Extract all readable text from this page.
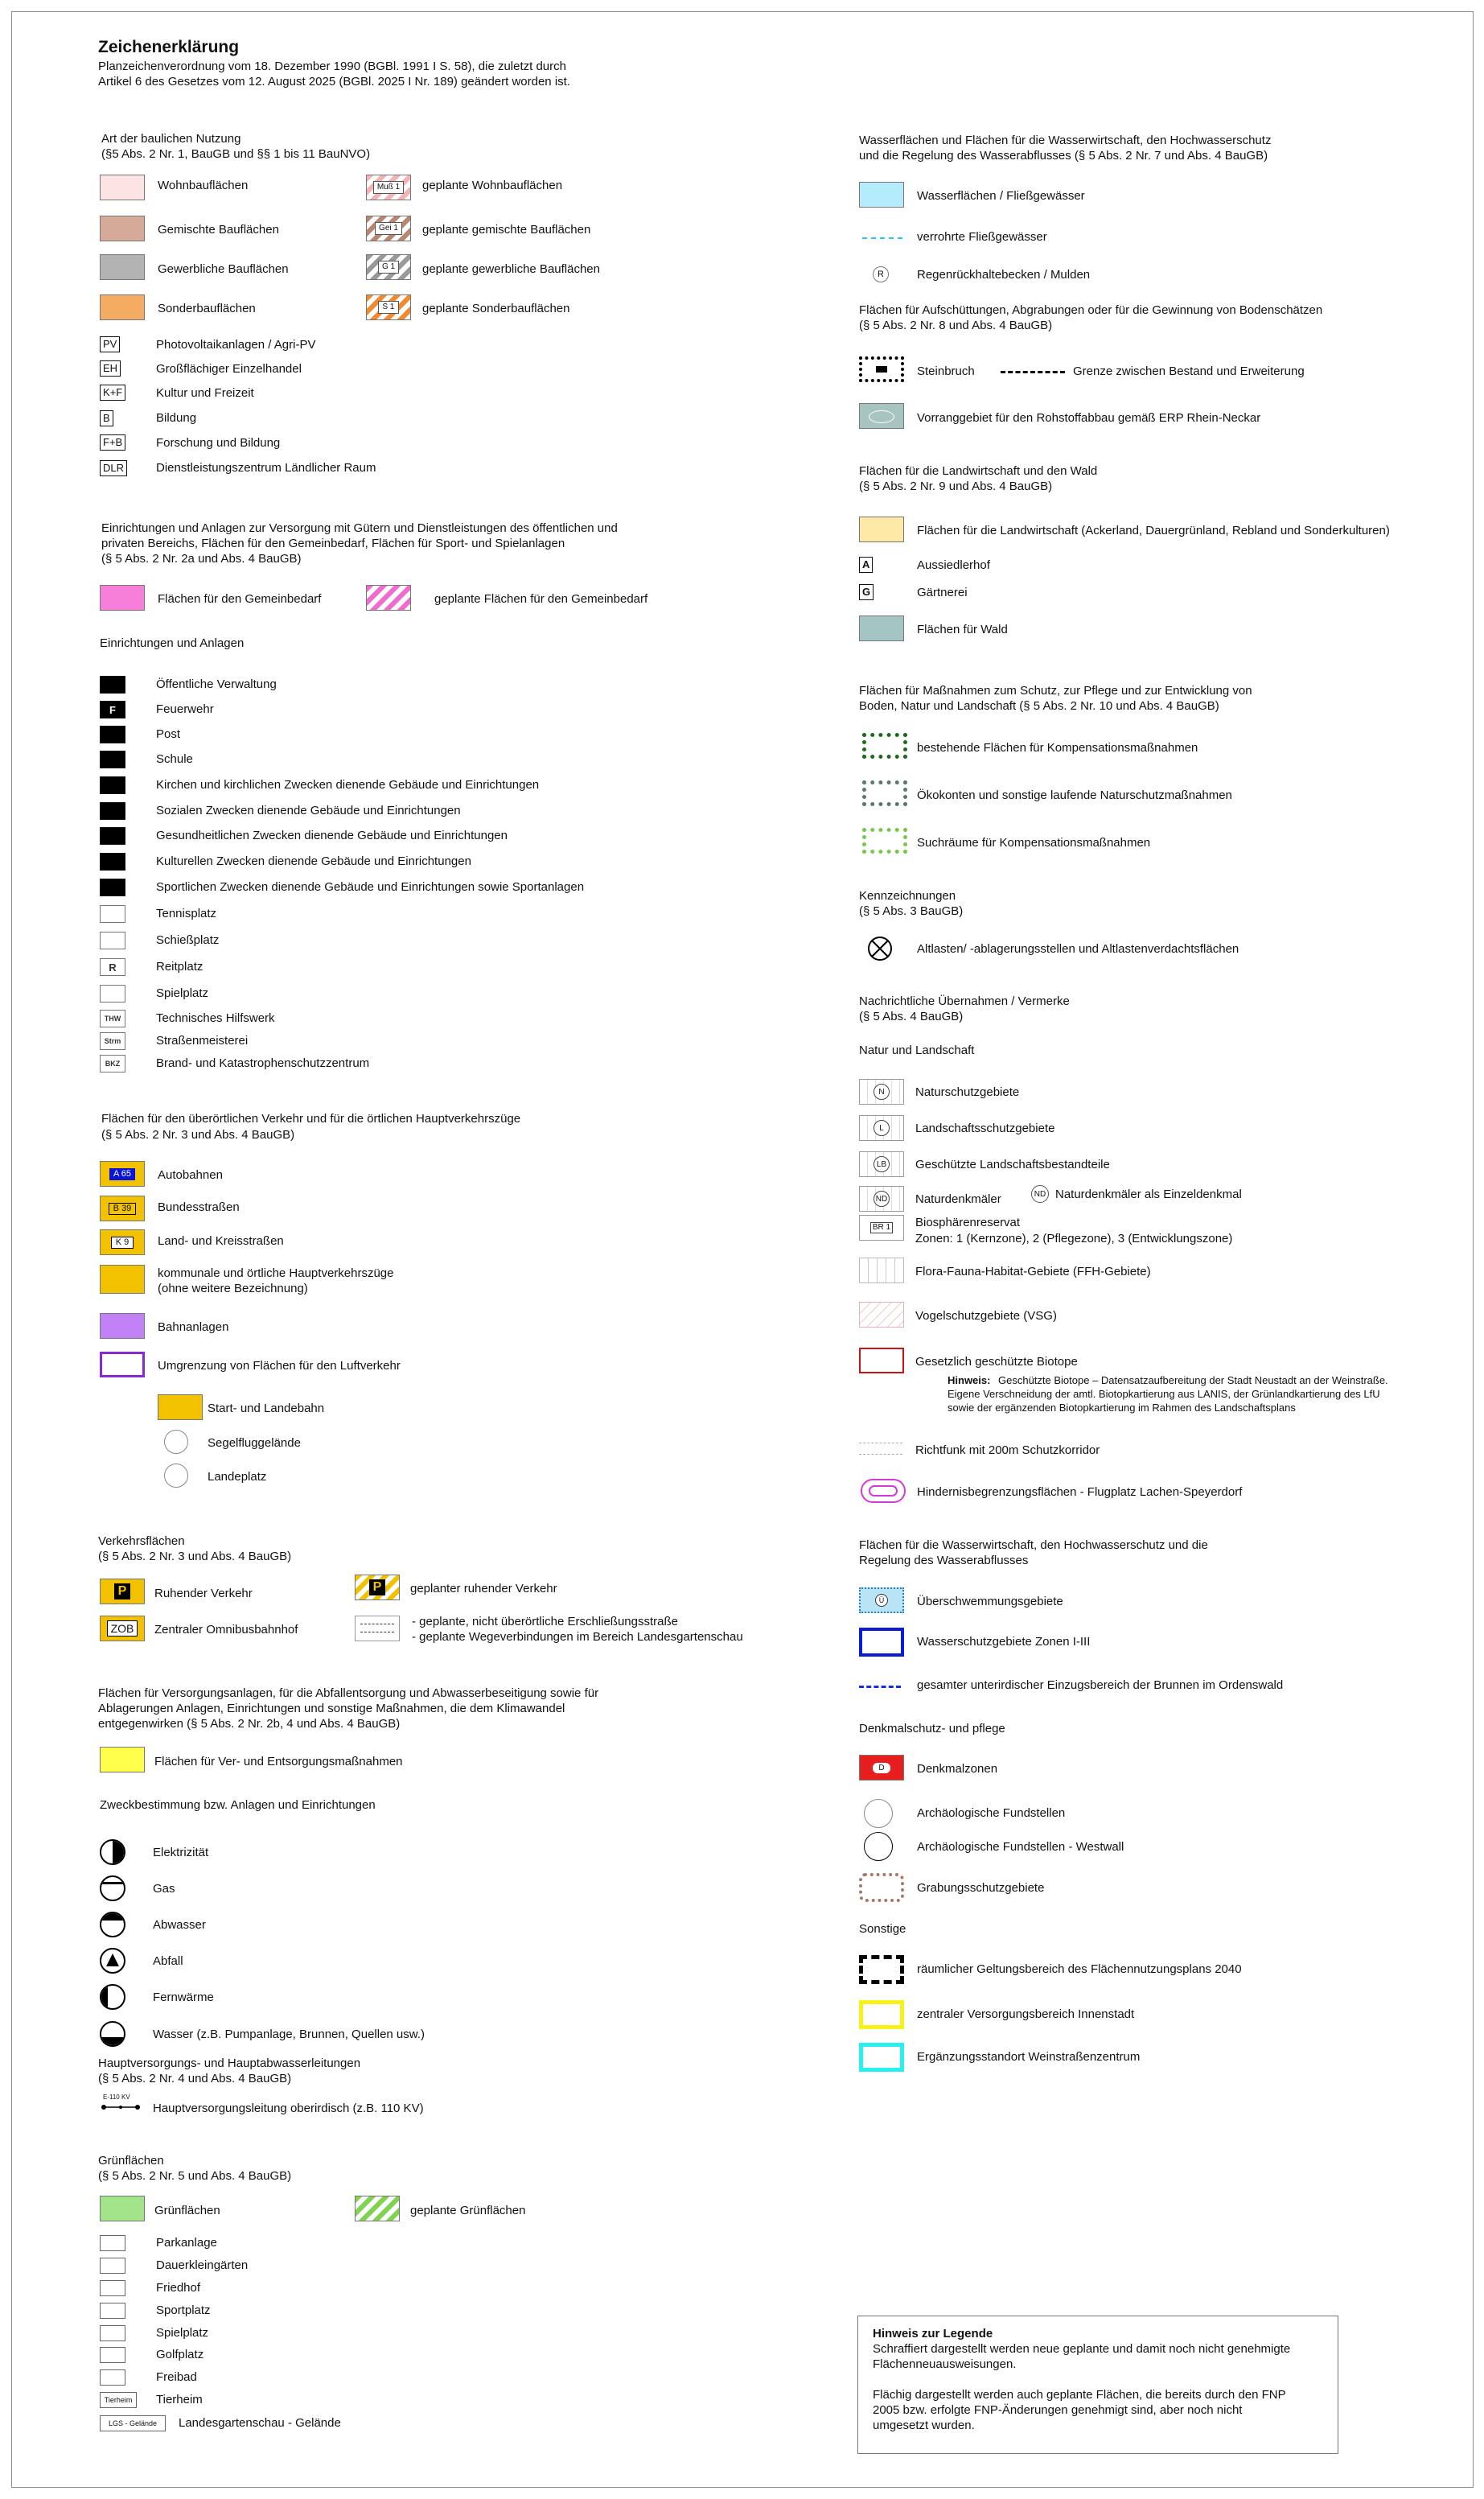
Zeichenerklärung
Planzeichenverordnung vom 18. Dezember 1990 (BGBl. 1991 I S. 58), die zuletzt durch
Artikel 6 des Gesetzes vom 12. August 2025 (BGBl. 2025 I Nr. 189) geändert worden ist.
Art der baulichen Nutzung
(§5 Abs. 2 Nr. 1, BauGB und §§ 1 bis 11 BauNVO)
Wohnbauflächen
Gemischte Bauflächen
Gewerbliche Bauflächen
Sonderbauflächen
Muß 1	geplante Wohnbauflächen
Gei 1	geplante gemischte Bauflächen
G 1	geplante gewerbliche Bauflächen
S 1	geplante Sonderbauflächen
PV	Photovoltaikanlagen / Agri-PV
EH	Großflächiger Einzelhandel
K+F	Kultur und Freizeit
B	Bildung
F+B	Forschung und Bildung
DLR	Dienstleistungszentrum Ländlicher Raum
Einrichtungen und Anlagen zur Versorgung mit Gütern und Dienstleistungen des öffentlichen und
privaten Bereichs, Flächen für den Gemeinbedarf, Flächen für Sport- und Spielanlagen
(§ 5 Abs. 2 Nr. 2a und Abs. 4 BauGB)
Flächen für den Gemeinbedarf	geplante Flächen für den Gemeinbedarf
Einrichtungen und Anlagen
Flächen für den überörtlichen Verkehr und für die örtlichen Hauptverkehrszüge
(§ 5 Abs. 2 Nr. 3 und Abs. 4 BauGB)
A 65	Autobahnen
B 39	Bundesstraßen
K 9	Land- und Kreisstraßen
kommunale und örtliche Hauptverkehrszüge
(ohne weitere Bezeichnung)
Bahnanlagen
Umgrenzung von Flächen für den Luftverkehr
Start- und Landebahn
Segelfluggelände
Landeplatz
Verkehrsflächen
(§ 5 Abs. 2 Nr. 3 und Abs. 4 BauGB)
P	Ruhender Verkehr	P	geplanter ruhender Verkehr
ZOB	Zentraler Omnibusbahnhof
- geplante, nicht überörtliche Erschließungsstraße
- geplante Wegeverbindungen im Bereich Landesgartenschau
Flächen für Versorgungsanlagen, für die Abfallentsorgung und Abwasserbeseitigung sowie für
Ablagerungen Anlagen, Einrichtungen und sonstige Maßnahmen, die dem Klimawandel
entgegenwirken (§ 5 Abs. 2 Nr. 2b, 4 und Abs. 4 BauGB)
Flächen für Ver- und Entsorgungsmaßnahmen
Zweckbestimmung bzw. Anlagen und Einrichtungen
Hauptversorgungs- und Hauptabwasserleitungen
(§ 5 Abs. 2 Nr. 4 und Abs. 4 BauGB)
E-110 KV
Hauptversorgungsleitung oberirdisch (z.B. 110 KV)
Grünflächen
(§ 5 Abs. 2 Nr. 5 und Abs. 4 BauGB)
Grünflächen	geplante Grünflächen
Wasserflächen und Flächen für die Wasserwirtschaft, den Hochwasserschutz
und die Regelung des Wasserabflusses (§ 5 Abs. 2 Nr. 7 und Abs. 4 BauGB)
Wasserflächen / Fließgewässer
verrohrte Fließgewässer
R	Regenrückhaltebecken / Mulden
Flächen für Aufschüttungen, Abgrabungen oder für die Gewinnung von Bodenschätzen
(§ 5 Abs. 2 Nr. 8 und Abs. 4 BauGB)
Steinbruch	Grenze zwischen Bestand und Erweiterung
Vorranggebiet für den Rohstoffabbau gemäß ERP Rhein-Neckar
Flächen für die Landwirtschaft und den Wald
(§ 5 Abs. 2 Nr. 9 und Abs. 4 BauGB)
Flächen für die Landwirtschaft (Ackerland, Dauergrünland, Rebland und Sonderkulturen)
A	Aussiedlerhof
G	Gärtnerei
Flächen für Wald
Flächen für Maßnahmen zum Schutz, zur Pflege und zur Entwicklung von
Boden, Natur und Landschaft (§ 5 Abs. 2 Nr. 10 und Abs. 4 BauGB)
bestehende Flächen für Kompensationsmaßnahmen
Ökokonten und sonstige laufende Naturschutzmaßnahmen
Suchräume für Kompensationsmaßnahmen
Kennzeichnungen
(§ 5 Abs. 3 BauGB)
Altlasten/ -ablagerungsstellen und Altlastenverdachtsflächen
Nachrichtliche Übernahmen / Vermerke
(§ 5 Abs. 4 BauGB)
Natur und Landschaft
ND Naturdenkmäler als Einzeldenkmal
BR 1 Biosphärenreservat
Zonen: 1 (Kernzone), 2 (Pflegezone), 3 (Entwicklungszone)
Flora-Fauna-Habitat-Gebiete (FFH-Gebiete)
Vogelschutzgebiete (VSG)
Gesetzlich geschützte Biotope
Hinweis: Geschützte Biotope – Datensatzaufbereitung der Stadt Neustadt an der Weinstraße.
Eigene Verschneidung der amtl. Biotopkartierung aus LANIS, der Grünlandkartierung des LfU
sowie der ergänzenden Biotopkartierung im Rahmen des Landschaftsplans
Richtfunk mit 200m Schutzkorridor
Hindernisbegrenzungsflächen - Flugplatz Lachen-Speyerdorf
Flächen für die Wasserwirtschaft, den Hochwasserschutz und die
Regelung des Wasserabflusses
Ü	Überschwemmungsgebiete
Wasserschutzgebiete Zonen I-III
gesamter unterirdischer Einzugsbereich der Brunnen im Ordenswald
Denkmalschutz- und pflege
D	Denkmalzonen
Archäologische Fundstellen
Archäologische Fundstellen - Westwall
Grabungsschutzgebiete
Sonstige
räumlicher Geltungsbereich des Flächennutzungsplans 2040
zentraler Versorgungsbereich Innenstadt
Ergänzungsstandort Weinstraßenzentrum
Hinweis zur Legende
Schraffiert dargestellt werden neue geplante und damit noch nicht genehmigte
Flächenneuausweisungen.
Flächig dargestellt werden auch geplante Flächen, die bereits durch den FNP
2005 bzw. erfolgte FNP-Änderungen genehmigt sind, aber noch nicht
umgesetzt wurden.
Öffentliche Verwaltung
F	Feuerwehr
Post
Schule
Kirchen und kirchlichen Zwecken dienende Gebäude und Einrichtungen
Sozialen Zwecken dienende Gebäude und Einrichtungen
Gesundheitlichen Zwecken dienende Gebäude und Einrichtungen
Kulturellen Zwecken dienende Gebäude und Einrichtungen
Sportlichen Zwecken dienende Gebäude und Einrichtungen sowie Sportanlagen
Tennisplatz
Schießplatz
R	Reitplatz
Spielplatz
THW	Technisches Hilfswerk
Strm	Straßenmeisterei
BKZ	Brand- und Katastrophenschutzzentrum
Elektrizität
Gas
Abwasser
Abfall
Fernwärme
Wasser (z.B. Pumpanlage, Brunnen, Quellen usw.)
Parkanlage
Dauerkleingärten
Friedhof
Sportplatz
Spielplatz
Golfplatz
Freibad
Tierheim	Tierheim
LGS - Gelände	Landesgartenschau - Gelände
N	Naturschutzgebiete
L	Landschaftsschutzgebiete
LB Geschützte Landschaftsbestandteile
ND Naturdenkmäler
